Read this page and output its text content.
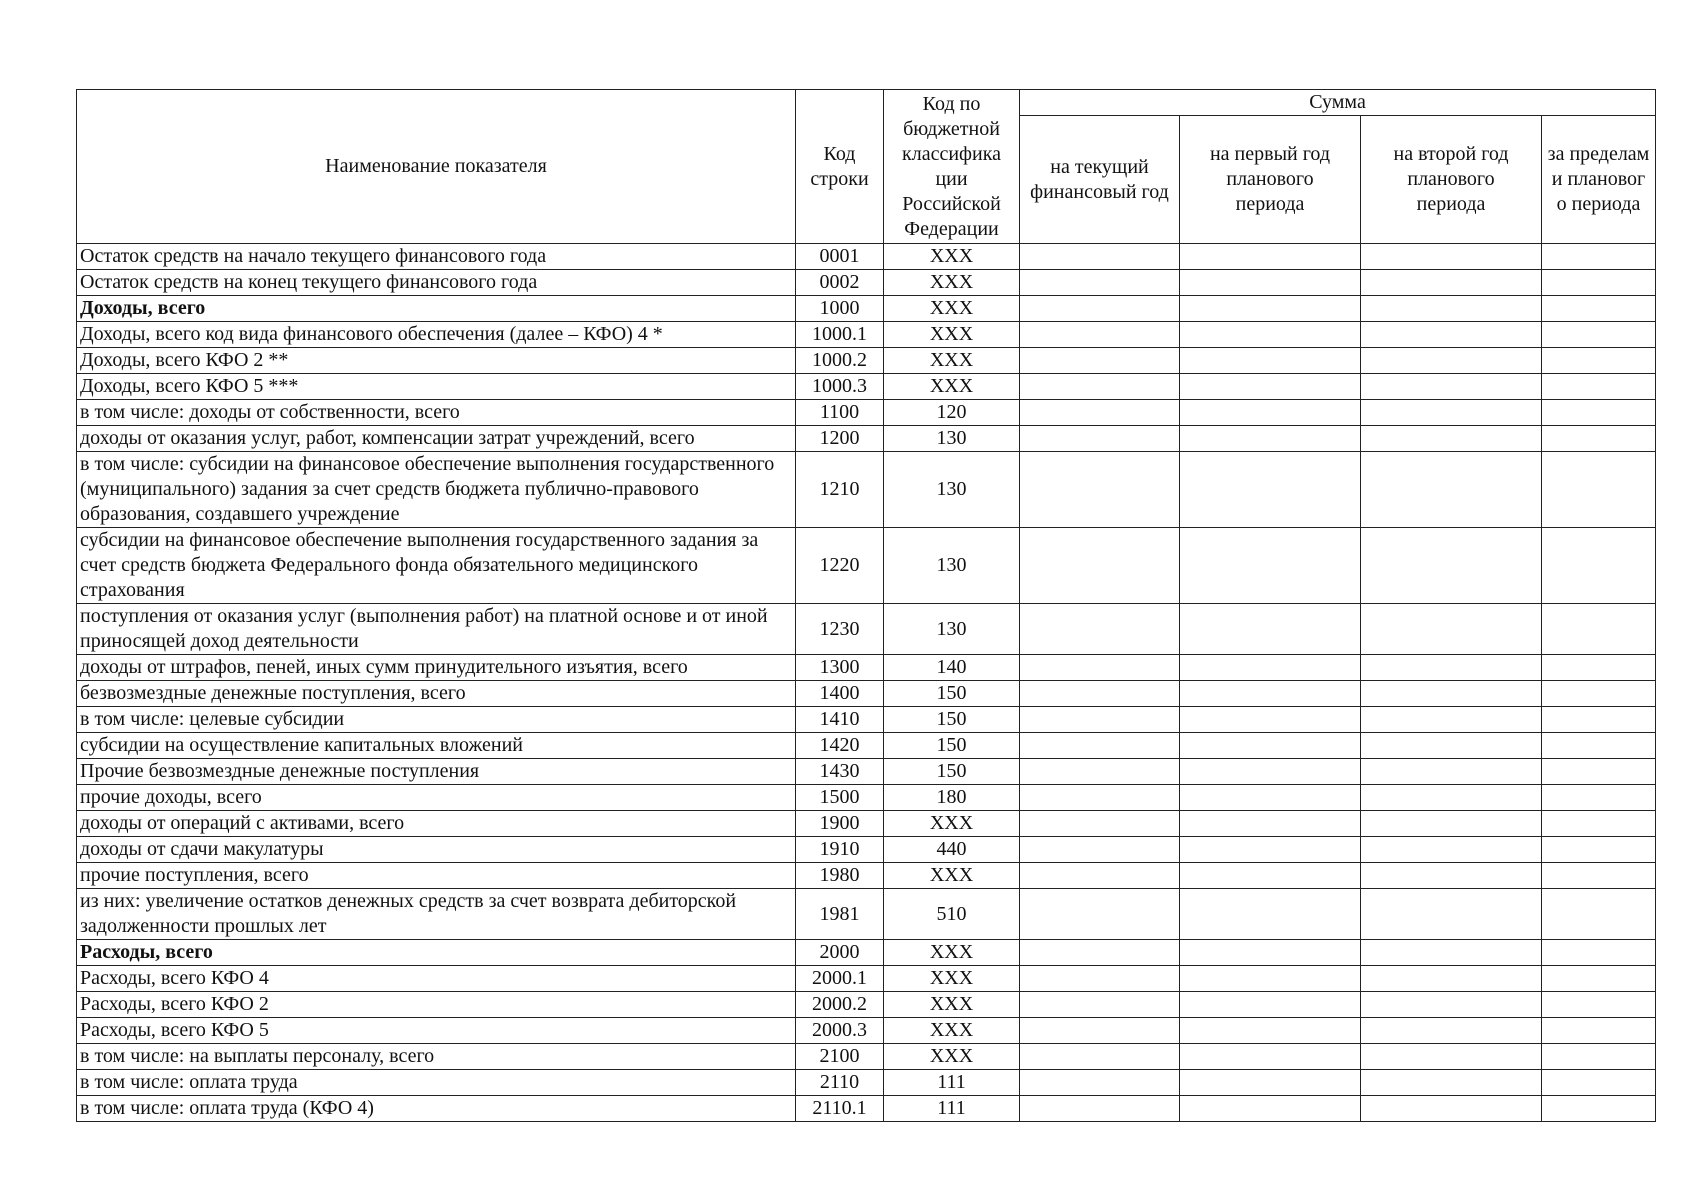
Наименование показателя	Код строки	Код по бюджетной классифика ции Российской Федерации	Сумма			
			на текущий финансовый год	на первый год планового периода	на второй год планового периода	за пределам и плановог о периода
Остаток средств на начало текущего финансового года	0001	XXX				
Остаток средств на конец текущего финансового года	0002	XXX				
Доходы, всего	1000	XXX				
Доходы, всего код вида финансового обеспечения (далее – КФО) 4 *	1000.1	XXX				
Доходы, всего КФО 2 **	1000.2	XXX				
Доходы, всего КФО 5 ***	1000.3	XXX				
в том числе: доходы от собственности, всего	1100	120				
доходы от оказания услуг, работ, компенсации затрат учреждений, всего	1200	130				
в том числе: субсидии на финансовое обеспечение выполнения государственного (муниципального) задания за счет средств бюджета публично-правового образования, создавшего учреждение	1210	130				
субсидии на финансовое обеспечение выполнения государственного задания за счет средств бюджета Федерального фонда обязательного медицинского страхования	1220	130				
поступления от оказания услуг (выполнения работ) на платной основе и от иной приносящей доход деятельности	1230	130				
доходы от штрафов, пеней, иных сумм принудительного изъятия, всего	1300	140				
безвозмездные денежные поступления, всего	1400	150				
в том числе: целевые субсидии	1410	150				
субсидии на осуществление капитальных вложений	1420	150				
Прочие безвозмездные денежные поступления	1430	150				
прочие доходы, всего	1500	180				
доходы от операций с активами, всего	1900	XXX				
доходы от сдачи макулатуры	1910	440				
прочие поступления, всего	1980	XXX				
из них: увеличение остатков денежных средств за счет возврата дебиторской задолженности прошлых лет	1981	510				
Расходы, всего	2000	XXX				
Расходы, всего КФО 4	2000.1	XXX				
Расходы, всего КФО 2	2000.2	XXX				
Расходы, всего КФО 5	2000.3	XXX				
в том числе: на выплаты персоналу, всего	2100	XXX				
в том числе: оплата труда	2110	111				
в том числе: оплата труда (КФО 4)	2110.1	111				
